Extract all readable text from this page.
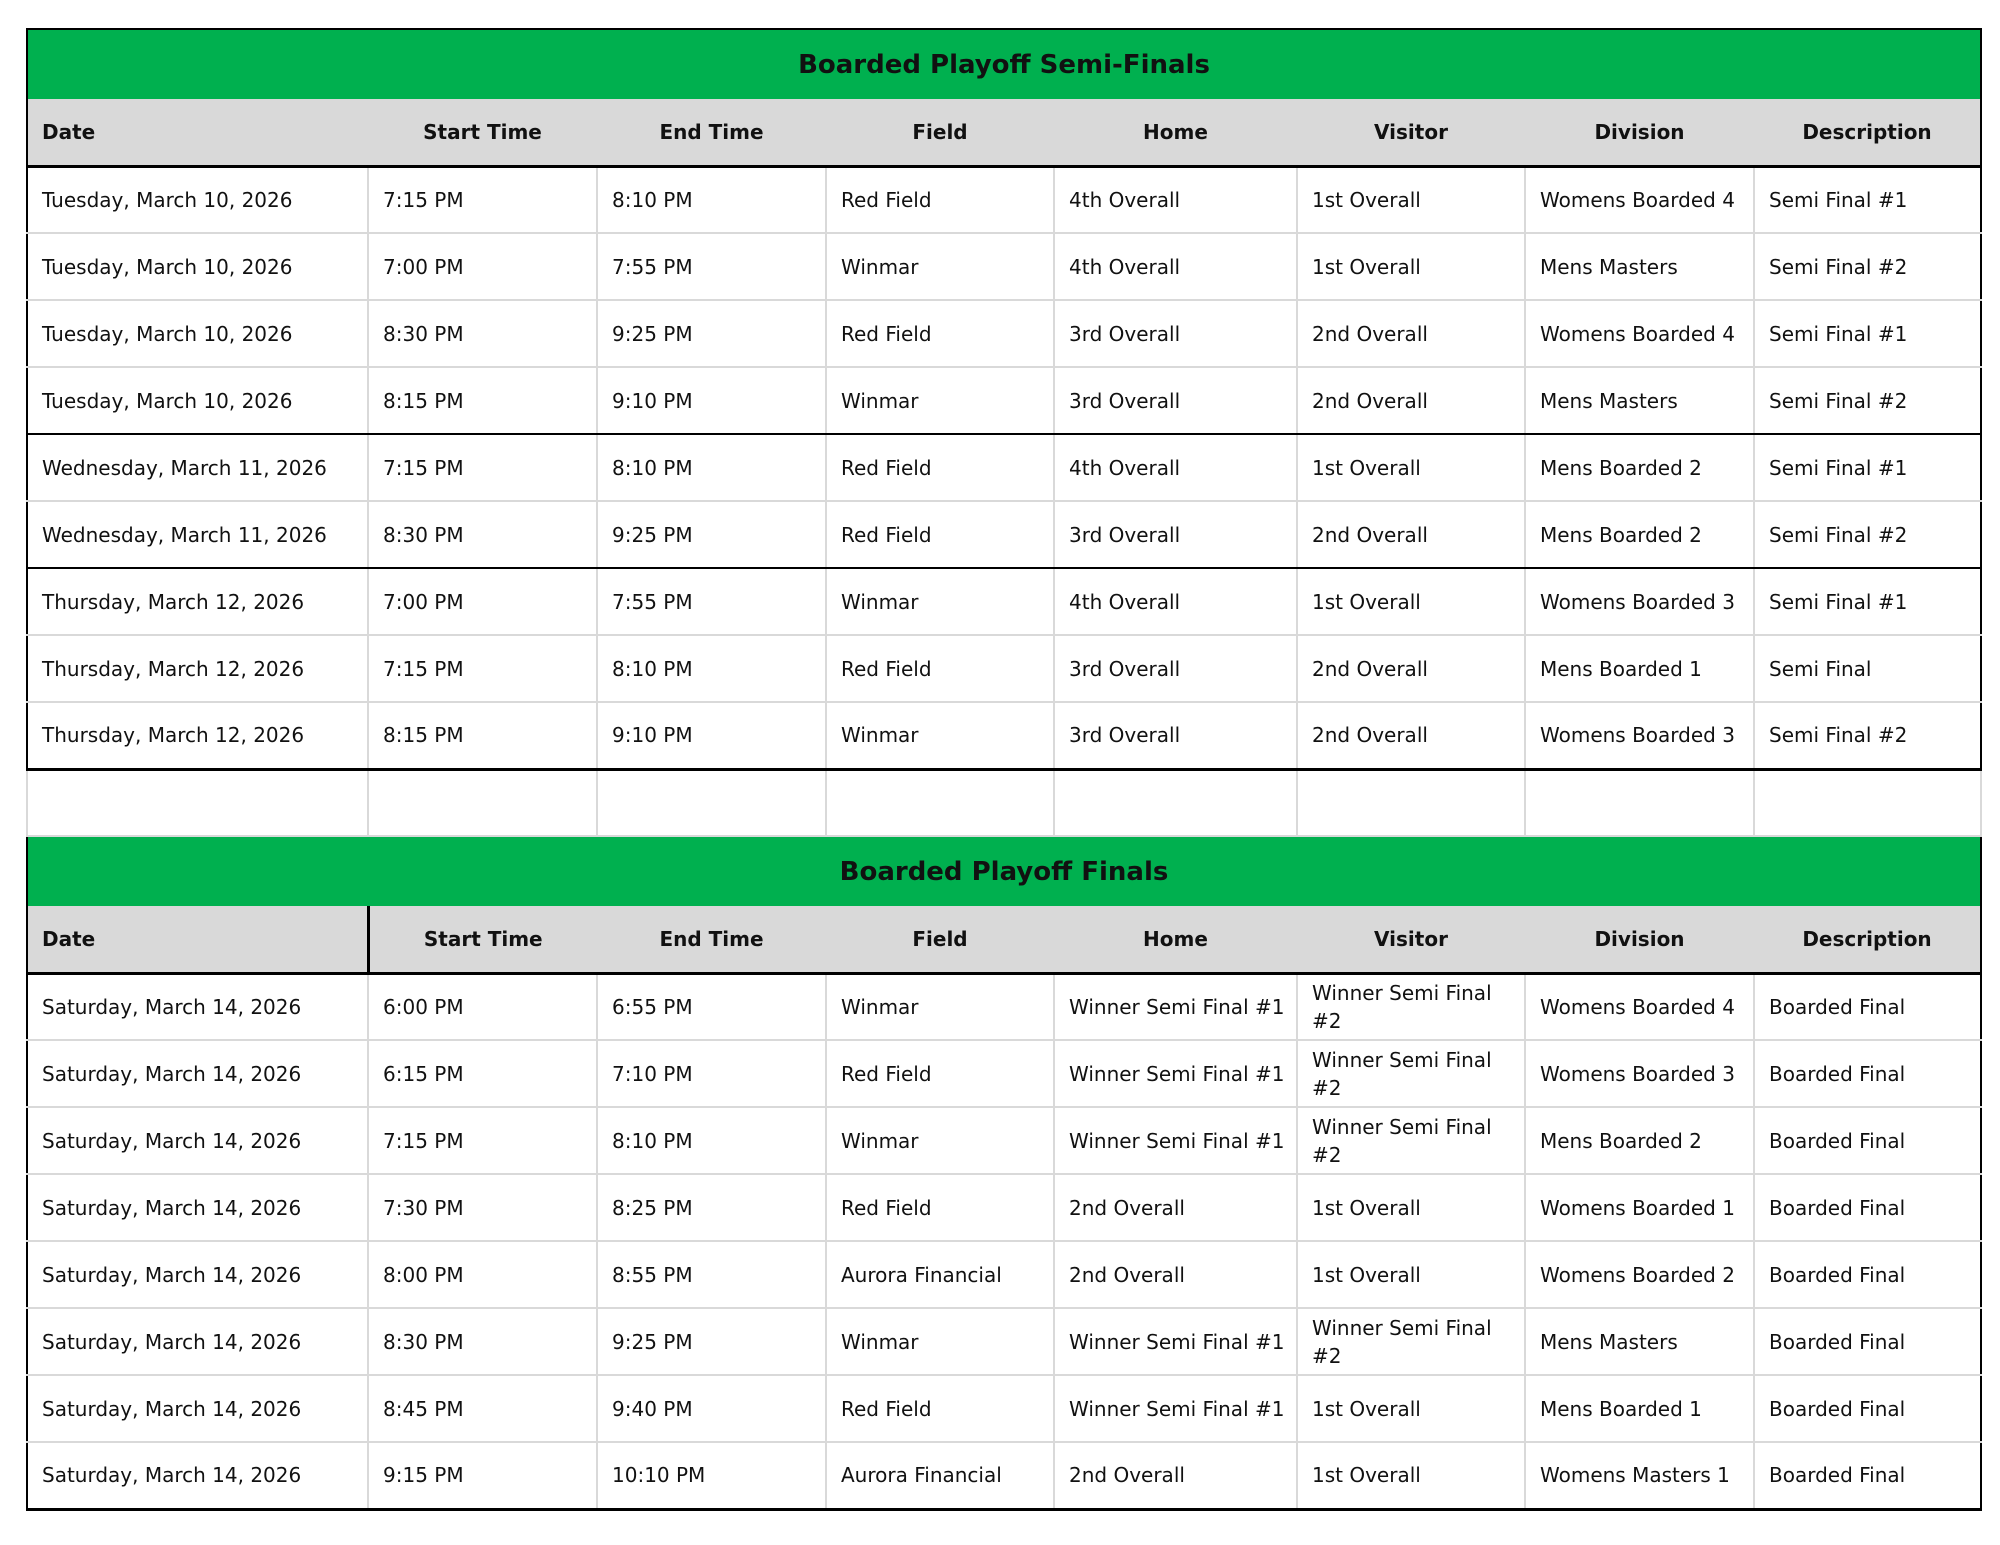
Boarded Playoff Semi-Finals							
Date	Start Time	End Time	Field	Home	Visitor	Division	Description
Tuesday, March 10, 2026	7:15 PM	8:10 PM	Red Field	4th Overall	1st Overall	Womens Boarded 4	Semi Final #1
Tuesday, March 10, 2026	7:00 PM	7:55 PM	Winmar	4th Overall	1st Overall	Mens Masters	Semi Final #2
Tuesday, March 10, 2026	8:30 PM	9:25 PM	Red Field	3rd Overall	2nd Overall	Womens Boarded 4	Semi Final #1
Tuesday, March 10, 2026	8:15 PM	9:10 PM	Winmar	3rd Overall	2nd Overall	Mens Masters	Semi Final #2
Wednesday, March 11, 2026	7:15 PM	8:10 PM	Red Field	4th Overall	1st Overall	Mens Boarded 2	Semi Final #1
Wednesday, March 11, 2026	8:30 PM	9:25 PM	Red Field	3rd Overall	2nd Overall	Mens Boarded 2	Semi Final #2
Thursday, March 12, 2026	7:00 PM	7:55 PM	Winmar	4th Overall	1st Overall	Womens Boarded 3	Semi Final #1
Thursday, March 12, 2026	7:15 PM	8:10 PM	Red Field	3rd Overall	2nd Overall	Mens Boarded 1	Semi Final
Thursday, March 12, 2026	8:15 PM	9:10 PM	Winmar	3rd Overall	2nd Overall	Womens Boarded 3	Semi Final #2

Boarded Playoff Finals							
Date	Start Time	End Time	Field	Home	Visitor	Division	Description
Saturday, March 14, 2026	6:00 PM	6:55 PM	Winmar	Winner Semi Final #1	Winner Semi Final #2	Womens Boarded 4	Boarded Final
Saturday, March 14, 2026	6:15 PM	7:10 PM	Red Field	Winner Semi Final #1	Winner Semi Final #2	Womens Boarded 3	Boarded Final
Saturday, March 14, 2026	7:15 PM	8:10 PM	Winmar	Winner Semi Final #1	Winner Semi Final #2	Mens Boarded 2	Boarded Final
Saturday, March 14, 2026	7:30 PM	8:25 PM	Red Field	2nd Overall	1st Overall	Womens Boarded 1	Boarded Final
Saturday, March 14, 2026	8:00 PM	8:55 PM	Aurora Financial	2nd Overall	1st Overall	Womens Boarded 2	Boarded Final
Saturday, March 14, 2026	8:30 PM	9:25 PM	Winmar	Winner Semi Final #1	Winner Semi Final #2	Mens Masters	Boarded Final
Saturday, March 14, 2026	8:45 PM	9:40 PM	Red Field	Winner Semi Final #1	1st Overall	Mens Boarded 1	Boarded Final
Saturday, March 14, 2026	9:15 PM	10:10 PM	Aurora Financial	2nd Overall	1st Overall	Womens Masters 1	Boarded Final
